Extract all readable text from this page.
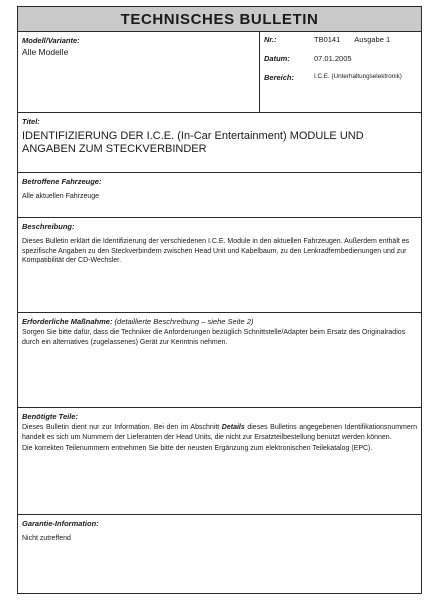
TECHNISCHES BULLETIN
Modell/Variante:
Alle Modelle
Nr.:	TB0141 Ausgabe 1
Datum:	07.01.2005
Bereich:	I.C.E. (Unterhaltungselektronik)
Titel:
IDENTIFIZIERUNG DER I.C.E. (In-Car Entertainment) MODULE UND ANGABEN ZUM STECKVERBINDER
Betroffene Fahrzeuge:
Alle aktuellen Fahrzeuge
Beschreibung:
Dieses Bulletin erklärt die Identifizierung der verschiedenen I.C.E. Module in den aktuellen Fahrzeugen. Außerdem enthält es spezifische Angaben zu den Steckverbindern zwischen Head Unit und Kabelbaum, zu den Lenkradfernbedienungen und zur Kompatibilität der CD-Wechsler.
Erforderliche Maßnahme: (detaillierte Beschreibung – siehe Seite 2)
Sorgen Sie bitte dafür, dass die Techniker die Anforderungen bezüglich Schnittstelle/Adapter beim Ersatz des Originalradios durch ein alternatives (zugelassenes) Gerät zur Kenntnis nehmen.
Benötigte Teile:

Dieses Bulletin dient nur zur Information. Bei den im Abschnitt Details dieses Bulletins angegebenen Identifikationsnummern handelt es sich um Nummern der Lieferanten der Head Units, die nicht zur Ersatzteilbestellung benutzt werden können.

Die korrekten Teilenummern entnehmen Sie bitte der neusten Ergänzung zum elektronischen Teilekatalog (EPC).

Garantie-Information:
Nicht zutreffend
